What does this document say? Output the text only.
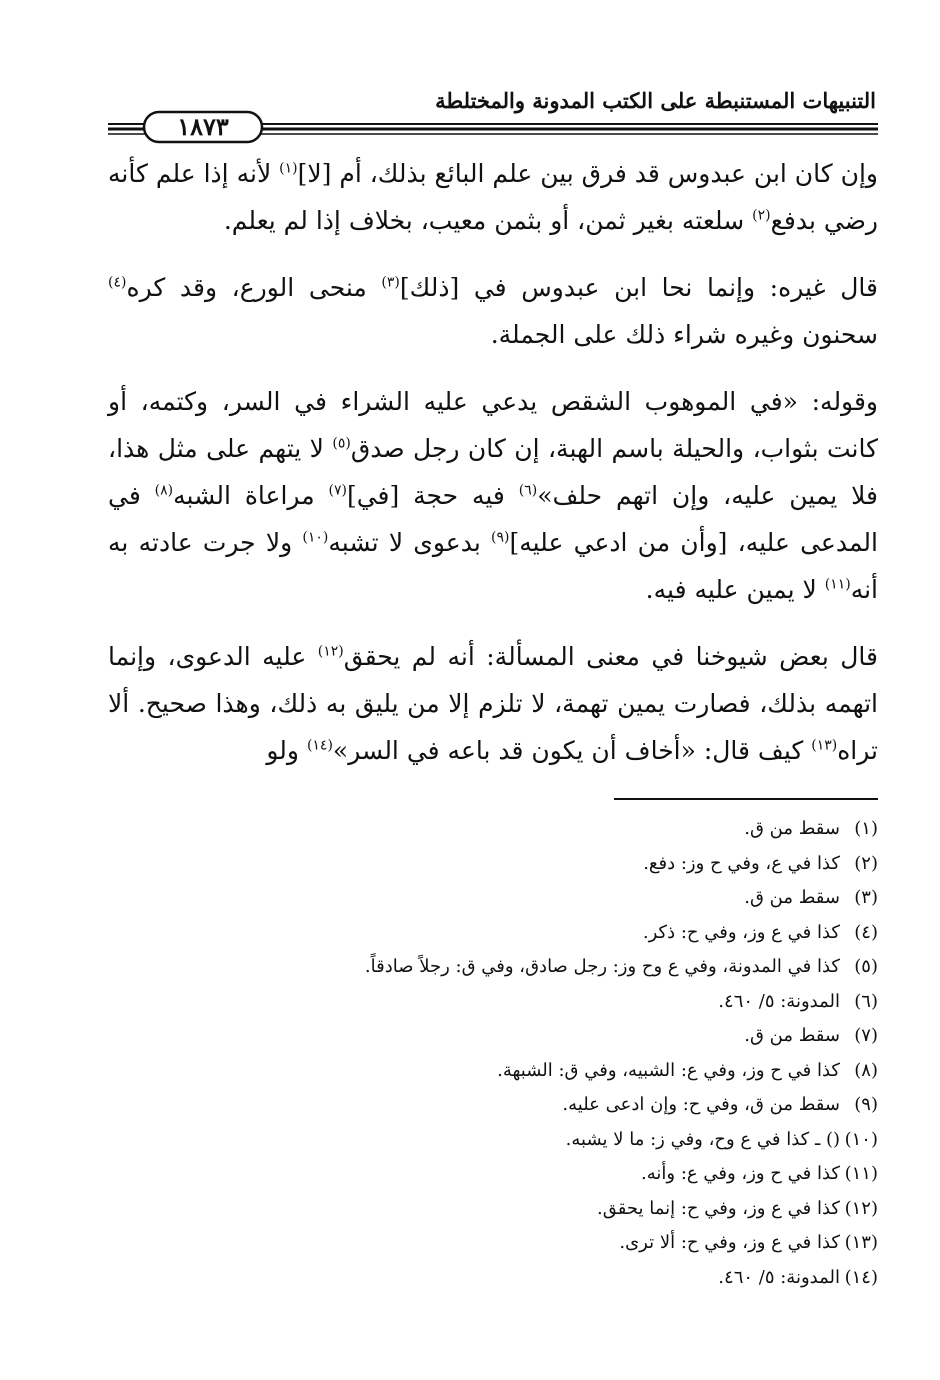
التنبيهات المستنبطة على الكتب المدونة والمختلطة
١٨٧٣

وإن كان ابن عبدوس قد فرق بين علم البائع بذلك، أم [لا]$^{(١)}$ لأنه إذا علم كأنه رضي بدفع$^{(٢)}$ سلعته بغير ثمن، أو بثمن معيب، بخلاف إذا لم يعلم.

قال غيره: وإنما نحا ابن عبدوس في [ذلك]$^{(٣)}$ منحى الورع، وقد كره$^{(٤)}$ سحنون وغيره شراء ذلك على الجملة.

وقوله: «في الموهوب الشقص يدعي عليه الشراء في السر، وكتمه، أو كانت بثواب، والحيلة باسم الهبة، إن كان رجل صدق$^{(٥)}$ لا يتهم على مثل هذا، فلا يمين عليه، وإن اتهم حلف»$^{(٦)}$ فيه حجة [في]$^{(٧)}$ مراعاة الشبه$^{(٨)}$ في المدعى عليه، [وأن من ادعي عليه]$^{(٩)}$ بدعوى لا تشبه$^{(١٠)}$ ولا جرت عادته به أنه$^{(١١)}$ لا يمين عليه فيه.

قال بعض شيوخنا في معنى المسألة: أنه لم يحقق$^{(١٢)}$ عليه الدعوى، وإنما اتهمه بذلك، فصارت يمين تهمة، لا تلزم إلا من يليق به ذلك، وهذا صحيح. ألا تراه$^{(١٣)}$ كيف قال: «أخاف أن يكون قد باعه في السر»$^{(١٤)}$ ولو

(١)سقط من ق.
(٢)كذا في ع، وفي ح وز: دفع.
(٣)سقط من ق.
(٤)كذا في ع وز، وفي ح: ذكر.
(٥)كذا في المدونة، وفي ع وح وز: رجل صادق، وفي ق: رجلاً صادقاً.
(٦)المدونة: ٥/ ٤٦٠.
(٧)سقط من ق.
(٨)كذا في ح وز، وفي ع: الشبيه، وفي ق: الشبهة.
(٩)سقط من ق، وفي ح: وإن ادعى عليه.
(١٠)() ـ كذا في ع وح، وفي ز: ما لا يشبه.
(١١)كذا في ح وز، وفي ع: وأنه.
(١٢)كذا في ع وز، وفي ح: إنما يحقق.
(١٣)كذا في ع وز، وفي ح: ألا ترى.
(١٤)المدونة: ٥/ ٤٦٠.
